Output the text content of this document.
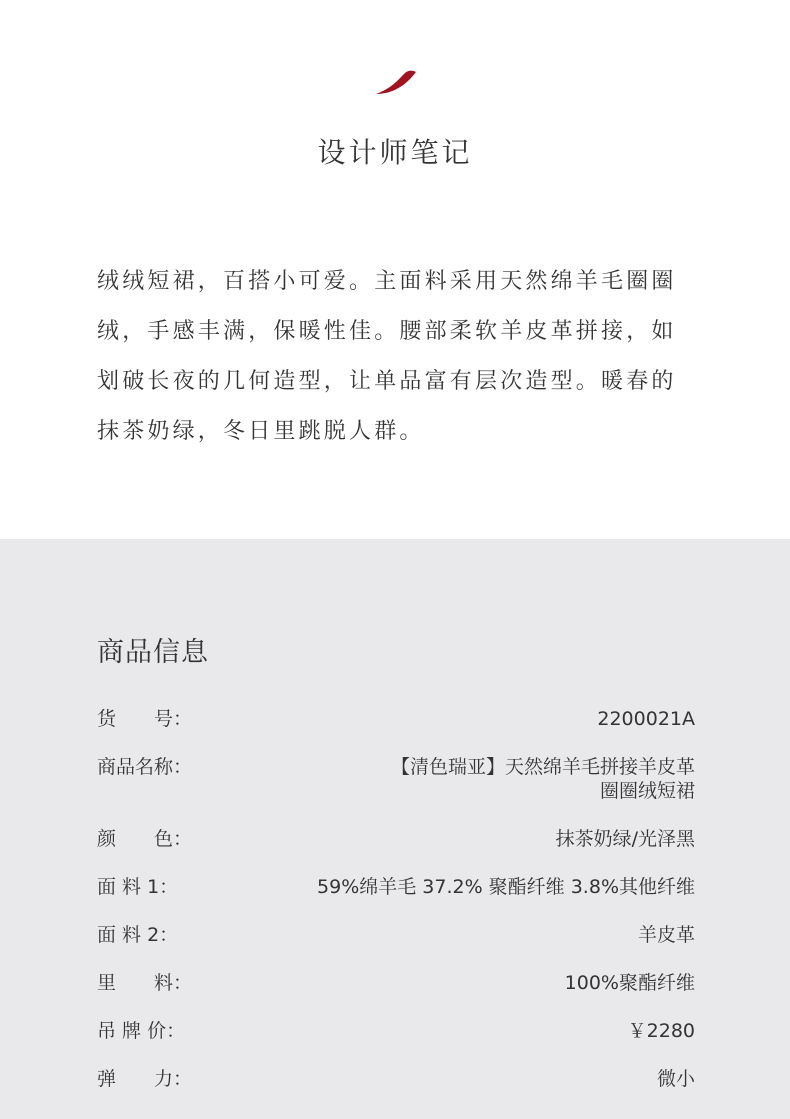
设计师笔记
绒绒短裙，百搭小可爱。主面料采用天然绵羊毛圈圈
绒，手感丰满，保暖性佳。腰部柔软羊皮革拼接，如
划破长夜的几何造型，让单品富有层次造型。暖春的
抹茶奶绿，冬日里跳脱人群。
商品信息
货　　号：	2200021A
商品名称：	【清色瑞亚】天然绵羊毛拼接羊皮革
圈圈绒短裙
颜　　色：	抹茶奶绿/光泽黑
面 料 1：	59%绵羊毛 37.2% 聚酯纤维 3.8%其他纤维
面 料 2：	羊皮革
里　　料：	100%聚酯纤维
吊 牌 价：	￥2280
弹　　力：	微小
